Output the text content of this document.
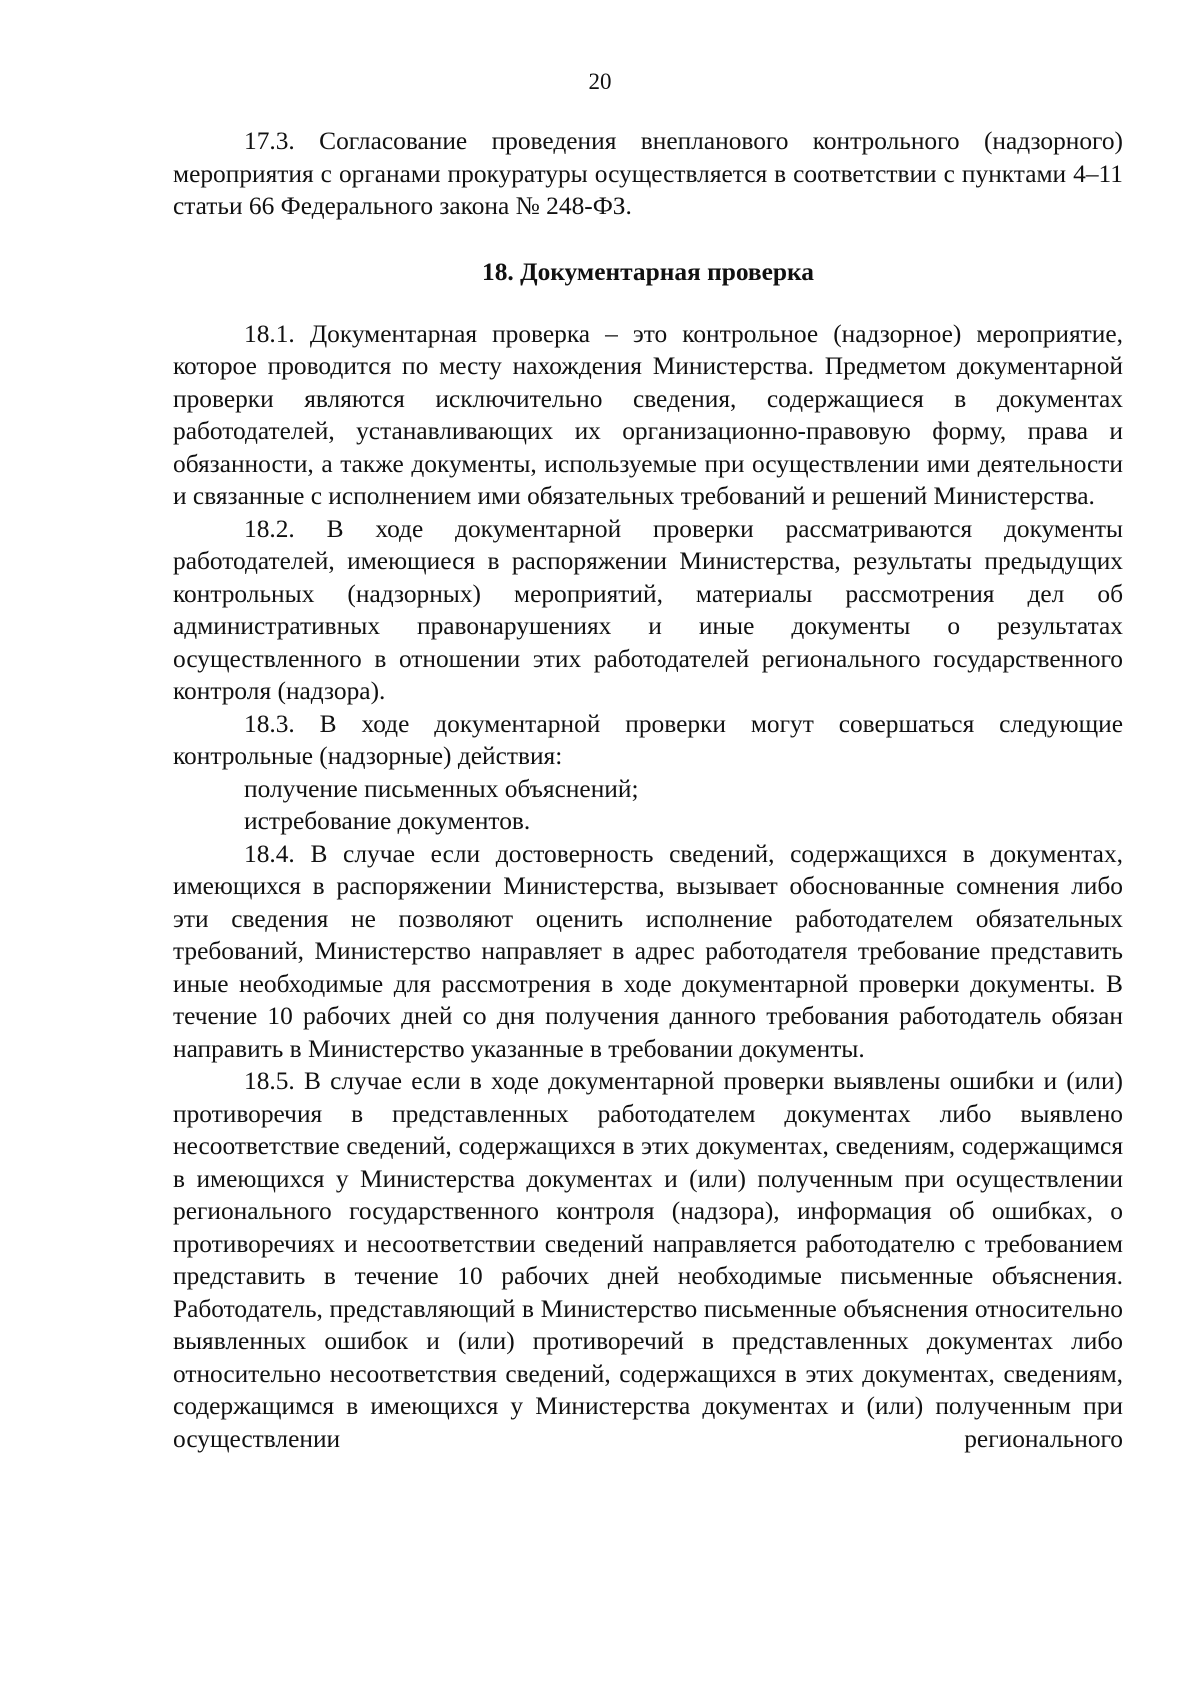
20

17.3. Согласование проведения внепланового контрольного (надзорного) мероприятия с органами прокуратуры осуществляется в соответствии с пунктами 4–11 статьи 66 Федерального закона № 248-ФЗ.

18. Документарная проверка

18.1. Документарная проверка – это контрольное (надзорное) мероприятие, которое проводится по месту нахождения Министерства. Предметом документарной проверки являются исключительно сведения, содержащиеся в документах работодателей, устанавливающих их организационно-правовую форму, права и обязанности, а также документы, используемые при осуществлении ими деятельности и связанные с исполнением ими обязательных требований и решений Министерства.

18.2. В ходе документарной проверки рассматриваются документы работодателей, имеющиеся в распоряжении Министерства, результаты предыдущих контрольных (надзорных) мероприятий, материалы рассмотрения дел об административных правонарушениях и иные документы о результатах осуществленного в отношении этих работодателей регионального государственного контроля (надзора).

18.3. В ходе документарной проверки могут совершаться следующие контрольные (надзорные) действия:

получение письменных объяснений;

истребование документов.

18.4. В случае если достоверность сведений, содержащихся в документах, имеющихся в распоряжении Министерства, вызывает обоснованные сомнения либо эти сведения не позволяют оценить исполнение работодателем обязательных требований, Министерство направляет в адрес работодателя требование представить иные необходимые для рассмотрения в ходе документарной проверки документы. В течение 10 рабочих дней со дня получения данного требования работодатель обязан направить в Министерство указанные в требовании документы.

18.5. В случае если в ходе документарной проверки выявлены ошибки и (или) противоречия в представленных работодателем документах либо выявлено несоответствие сведений, содержащихся в этих документах, сведениям, содержащимся в имеющихся у Министерства документах и (или) полученным при осуществлении регионального государственного контроля (надзора), информация об ошибках, о противоречиях и несоответствии сведений направляется работодателю с требованием представить в течение 10 рабочих дней необходимые письменные объяснения. Работодатель, представляющий в Министерство письменные объяснения относительно выявленных ошибок и (или) противоречий в представленных документах либо относительно несоответствия сведений, содержащихся в этих документах, сведениям, содержащимся в имеющихся у Министерства документах и (или) полученным при осуществлении регионального
